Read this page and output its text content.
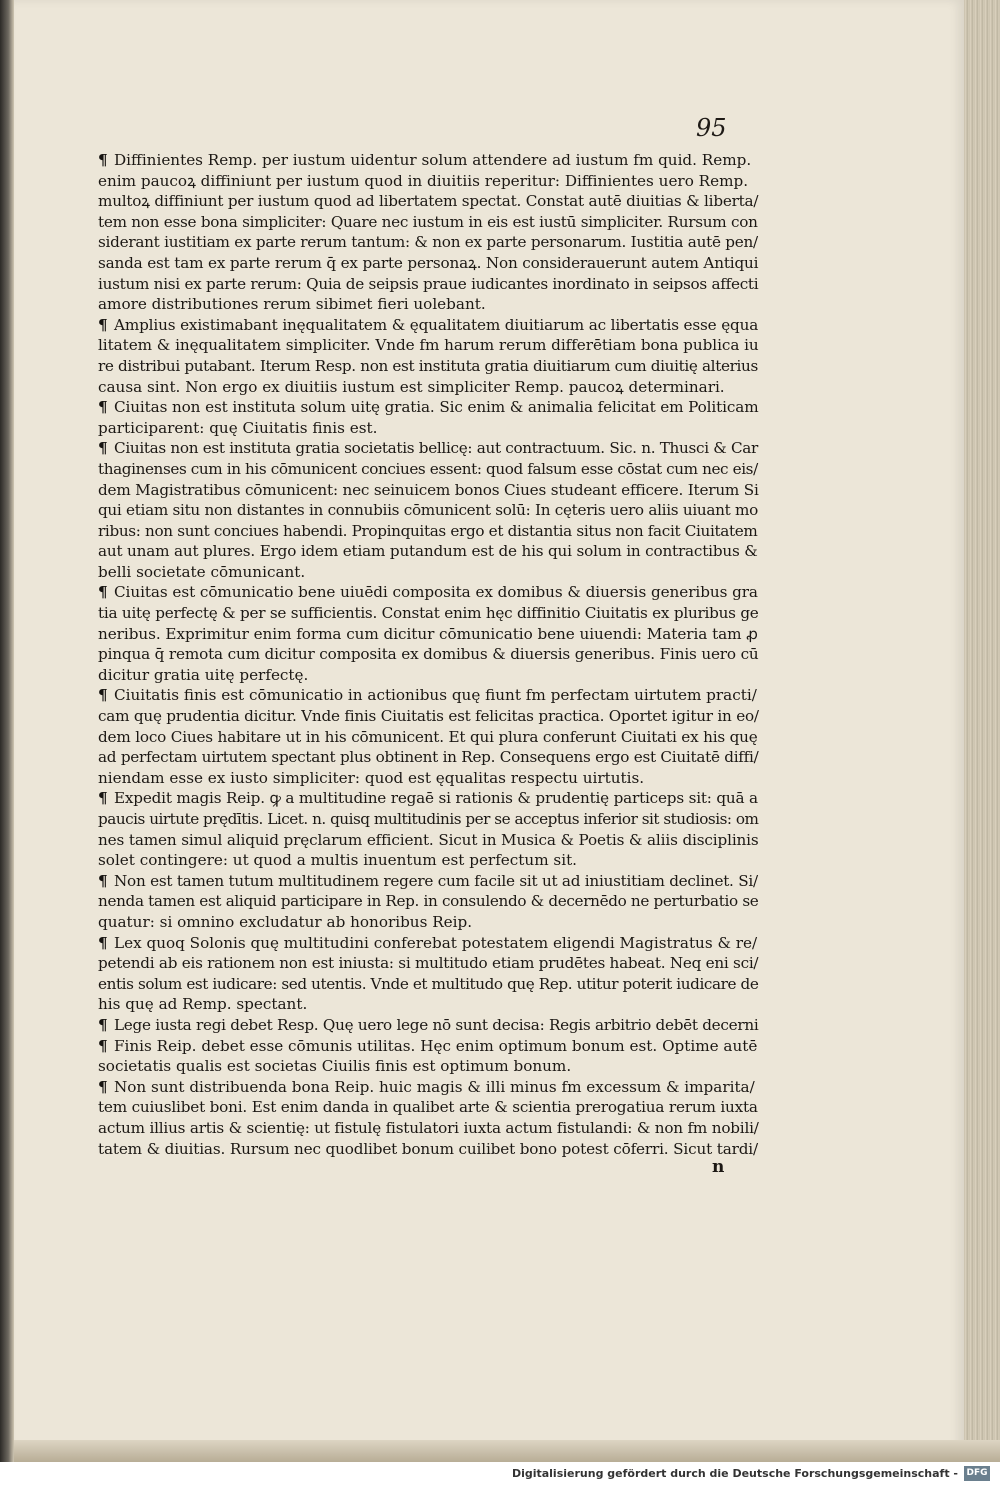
95
¶ Diffinientes Remp. per iustum uidentur solum attendere ad iustum fm quid. Remp.
enim paucoꝝ diffiniunt per iustum quod in diuitiis reperitur: Diffinientes uero Remp.
multoꝝ diffiniunt per iustum quod ad libertatem spectat. Constat autē diuitias & liberta/
tem non esse bona simpliciter: Quare nec iustum in eis est iustū simpliciter. Rursum con
siderant iustitiam ex parte rerum tantum: & non ex parte personarum. Iustitia autē pen/
sanda est tam ex parte rerum q̄ ex parte personaꝝ. Non considerauerunt autem Antiqui
iustum nisi ex parte rerum: Quia de seipsis praue iudicantes inordinato in seipsos affecti
amore distributiones rerum sibimet fieri uolebant.
¶ Amplius existimabant inęqualitatem & ęqualitatem diuitiarum ac libertatis esse ęqua
litatem & inęqualitatem simpliciter. Vnde fm harum rerum differētiam bona publica iu
re distribui putabant. Iterum Resp. non est instituta gratia diuitiarum cum diuitię alterius
causa sint. Non ergo ex diuitiis iustum est simpliciter Remp. paucoꝝ determinari.
¶ Ciuitas non est instituta solum uitę gratia. Sic enim & animalia felicitat em Politicam
participarent: quę Ciuitatis finis est.
¶ Ciuitas non est instituta gratia societatis bellicę: aut contractuum. Sic. n. Thusci & Car
thaginenses cum in his cōmunicent conciues essent: quod falsum esse cōstat cum nec eis/
dem Magistratibus cōmunicent: nec seinuicem bonos Ciues studeant efficere. Iterum Si
qui etiam situ non distantes in connubiis cōmunicent solū: In cęteris uero aliis uiuant mo
ribus: non sunt conciues habendi. Propinquitas ergo et distantia situs non facit Ciuitatem
aut unam aut plures. Ergo idem etiam putandum est de his qui solum in contractibus &
belli societate cōmunicant.
¶ Ciuitas est cōmunicatio bene uiuēdi composita ex domibus & diuersis generibus gra
tia uitę perfectę & per se sufficientis. Constat enim hęc diffinitio Ciuitatis ex pluribus ge
neribus. Exprimitur enim forma cum dicitur cōmunicatio bene uiuendi: Materia tam ꝓ
pinqua q̄ remota cum dicitur composita ex domibus & diuersis generibus. Finis uero cū
dicitur gratia uitę perfectę.
¶ Ciuitatis finis est cōmunicatio in actionibus quę fiunt fm perfectam uirtutem practi/
cam quę prudentia dicitur. Vnde finis Ciuitatis est felicitas practica. Oportet igitur in eo/
dem loco Ciues habitare ut in his cōmunicent. Et qui plura conferunt Ciuitati ex his quę
ad perfectam uirtutem spectant plus obtinent in Rep. Consequens ergo est Ciuitatē diffi/
niendam esse ex iusto simpliciter: quod est ęqualitas respectu uirtutis.
¶ Expedit magis Reip. ꝙ a multitudine regaē si rationis & prudentię particeps sit: quā a
paucis uirtute prędītis. Licet. n. quisq multitudinis per se acceptus inferior sit studiosis: om
nes tamen simul aliquid pręclarum efficient. Sicut in Musica & Poetis & aliis disciplinis
solet contingere: ut quod a multis inuentum est perfectum sit.
¶ Non est tamen tutum multitudinem regere cum facile sit ut ad iniustitiam declinet. Si/
nenda tamen est aliquid participare in Rep. in consulendo & decernēdo ne perturbatio se
quatur: si omnino excludatur ab honoribus Reip.
¶ Lex quoq Solonis quę multitudini conferebat potestatem eligendi Magistratus & re/
petendi ab eis rationem non est iniusta: si multitudo etiam prudētes habeat. Neq eni sci/
entis solum est iudicare: sed utentis. Vnde et multitudo quę Rep. utitur poterit iudicare de
his quę ad Remp. spectant.
¶ Lege iusta regi debet Resp. Quę uero lege nō sunt decisa: Regis arbitrio debēt decerni
¶ Finis Reip. debet esse cōmunis utilitas. Hęc enim optimum bonum est. Optime autē
societatis qualis est societas Ciuilis finis est optimum bonum.
¶ Non sunt distribuenda bona Reip. huic magis & illi minus fm excessum & imparita/
tem cuiuslibet boni. Est enim danda in qualibet arte & scientia prerogatiua rerum iuxta
actum illius artis & scientię: ut fistulę fistulatori iuxta actum fistulandi: & non fm nobili/
tatem & diuitias. Rursum nec quodlibet bonum cuilibet bono potest cōferri. Sicut tardi/
n
Digitalisierung gefördert durch die Deutsche Forschungsgemeinschaft - DFG
